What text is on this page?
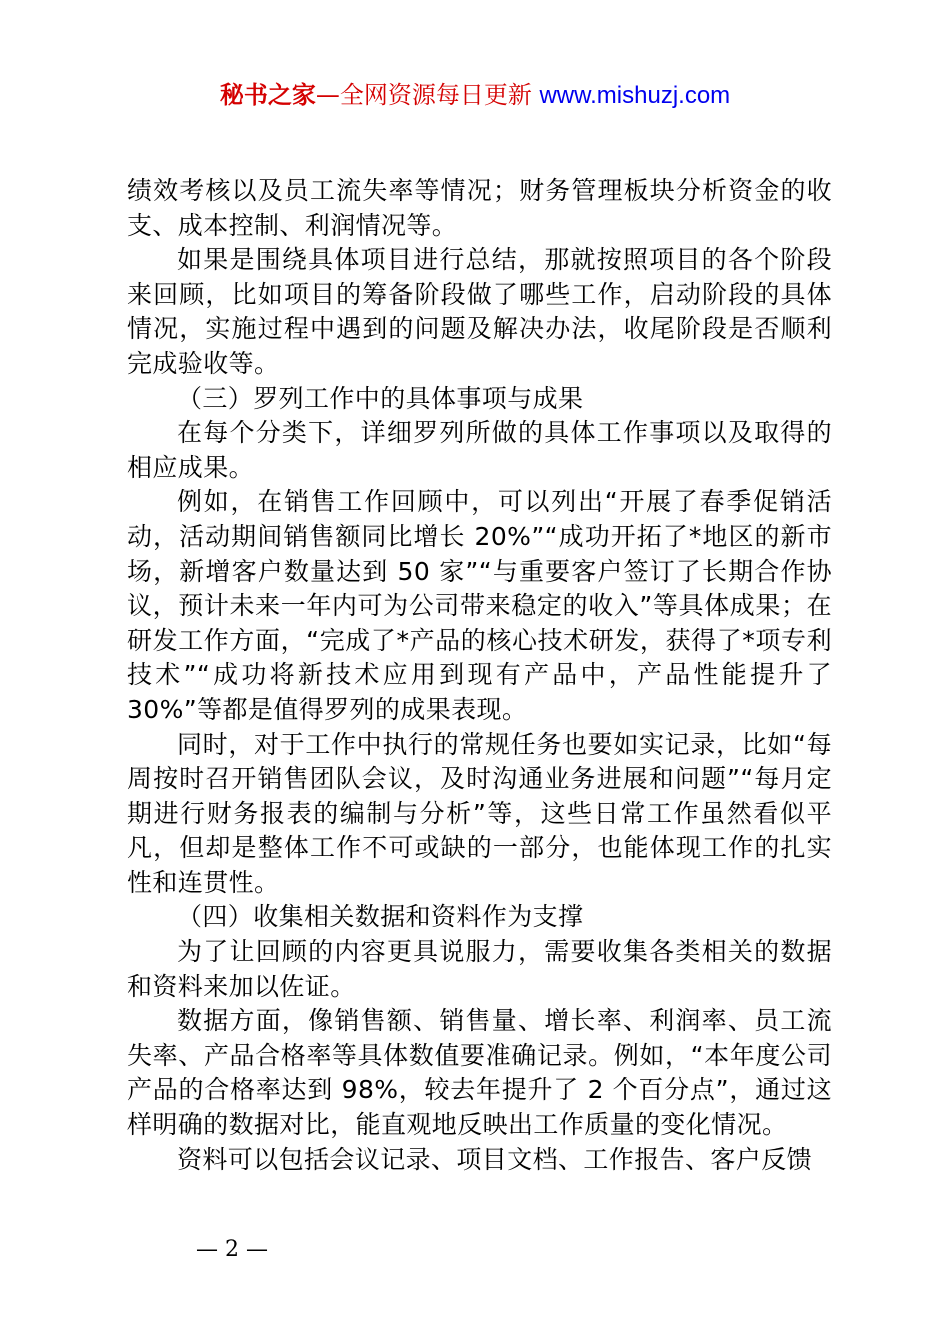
秘书之家—全网资源每日更新 www.mishuzj.com

绩效考核以及员工流失率等情况；财务管理板块分析资金的收支、成本控制、利润情况等。

如果是围绕具体项目进行总结，那就按照项目的各个阶段来回顾，比如项目的筹备阶段做了哪些工作，启动阶段的具体情况，实施过程中遇到的问题及解决办法，收尾阶段是否顺利完成验收等。

（三）罗列工作中的具体事项与成果

在每个分类下，详细罗列所做的具体工作事项以及取得的相应成果。

例如，在销售工作回顾中，可以列出“开展了春季促销活动，活动期间销售额同比增长 20%”“成功开拓了*地区的新市场，新增客户数量达到 50 家”“与重要客户签订了长期合作协议，预计未来一年内可为公司带来稳定的收入”等具体成果；在研发工作方面，“完成了*产品的核心技术研发，获得了*项专利技术”“成功将新技术应用到现有产品中，产品性能提升了 30%”等都是值得罗列的成果表现。

同时，对于工作中执行的常规任务也要如实记录，比如“每周按时召开销售团队会议，及时沟通业务进展和问题”“每月定期进行财务报表的编制与分析”等，这些日常工作虽然看似平凡，但却是整体工作不可或缺的一部分，也能体现工作的扎实性和连贯性。

（四）收集相关数据和资料作为支撑

为了让回顾的内容更具说服力，需要收集各类相关的数据和资料来加以佐证。

数据方面，像销售额、销售量、增长率、利润率、员工流失率、产品合格率等具体数值要准确记录。例如，“本年度公司产品的合格率达到 98%，较去年提升了 2 个百分点”，通过这样明确的数据对比，能直观地反映出工作质量的变化情况。

资料可以包括会议记录、项目文档、工作报告、客户反馈

— 2 —
